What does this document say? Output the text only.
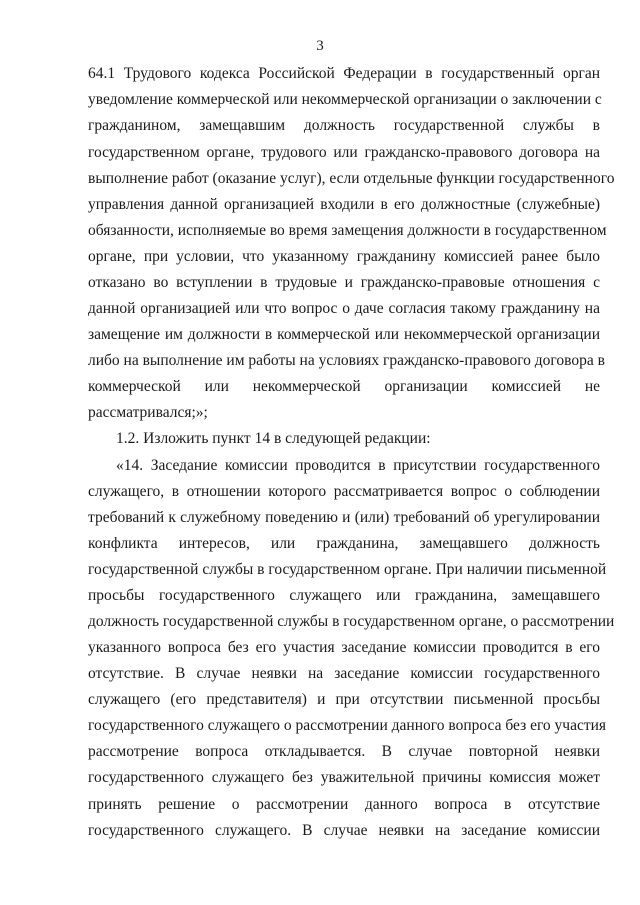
3
64.1 Трудового кодекса Российской Федерации в государственный орган
уведомление коммерческой или некоммерческой организации о заключении с
гражданином, замещавшим должность государственной службы в
государственном органе, трудового или гражданско-правового договора на
выполнение работ (оказание услуг), если отдельные функции государственного
управления данной организацией входили в его должностные (служебные)
обязанности, исполняемые во время замещения должности в государственном
органе, при условии, что указанному гражданину комиссией ранее было
отказано во вступлении в трудовые и гражданско-правовые отношения с
данной организацией или что вопрос о даче согласия такому гражданину на
замещение им должности в коммерческой или некоммерческой организации
либо на выполнение им работы на условиях гражданско-правового договора в
коммерческой или некоммерческой организации комиссией не
рассматривался;»;
1.2. Изложить пункт 14 в следующей редакции:
«14. Заседание комиссии проводится в присутствии государственного
служащего, в отношении которого рассматривается вопрос о соблюдении
требований к служебному поведению и (или) требований об урегулировании
конфликта интересов, или гражданина, замещавшего должность
государственной службы в государственном органе. При наличии письменной
просьбы государственного служащего или гражданина, замещавшего
должность государственной службы в государственном органе, о рассмотрении
указанного вопроса без его участия заседание комиссии проводится в его
отсутствие. В случае неявки на заседание комиссии государственного
служащего (его представителя) и при отсутствии письменной просьбы
государственного служащего о рассмотрении данного вопроса без его участия
рассмотрение вопроса откладывается. В случае повторной неявки
государственного служащего без уважительной причины комиссия может
принять решение о рассмотрении данного вопроса в отсутствие
государственного служащего. В случае неявки на заседание комиссии
